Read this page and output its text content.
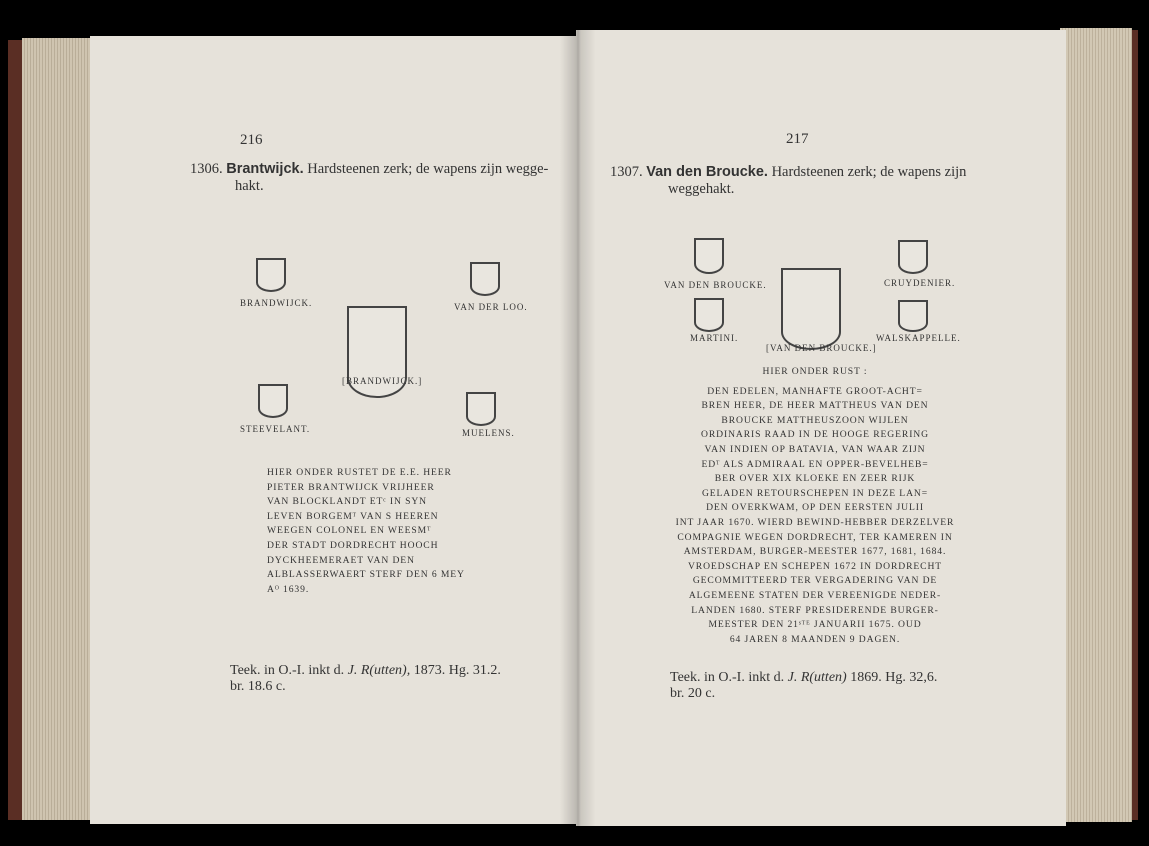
216
1306. Brantwijck. Hardsteenen zerk; de wapens zijn wegge-
hakt.
BRANDWIJCK.	VAN DER LOO.
[BRANDWIJCK.]
STEEVELANT.	MUELENS.
HIER ONDER RUSTET DE E.E. HEER
PIETER BRANTWIJCK VRIJHEER
VAN BLOCKLANDT ETᶜ IN SYN
LEVEN BORGEMᵀ VAN S HEEREN
WEEGEN COLONEL EN WEESMᵀ
DER STADT DORDRECHT HOOCH
DYCKHEEMERAET VAN DEN
ALBLASSERWAERT STERF DEN 6 MEY
Aᴼ 1639.
Teek. in O.-I. inkt d. J. R(utten), 1873. Hg. 31.2.
br. 18.6 c.
217
1307. Van den Broucke. Hardsteenen zerk; de wapens zijn
weggehakt.
VAN DEN BROUCKE.	CRUYDENIER.
[VAN DEN BROUCKE.]
MARTINI.	WALSKAPPELLE.
HIER ONDER RUST :
DEN EDELEN, MANHAFTE GROOT-ACHT=
BREN HEER, DE HEER MATTHEUS VAN DEN
BROUCKE MATTHEUSZOON WIJLEN
ORDINARIS RAAD IN DE HOOGE REGERING
VAN INDIEN OP BATAVIA, VAN WAAR ZIJN
EDᵀ ALS ADMIRAAL EN OPPER-BEVELHEB=
BER OVER XIX KLOEKE EN ZEER RIJK
GELADEN RETOURSCHEPEN IN DEZE LAN=
DEN OVERKWAM, OP DEN EERSTEN JULII
INT JAAR 1670. WIERD BEWIND-HEBBER DERZELVER
COMPAGNIE WEGEN DORDRECHT, TER KAMEREN IN
AMSTERDAM, BURGER-MEESTER 1677, 1681, 1684.
VROEDSCHAP EN SCHEPEN 1672 IN DORDRECHT
GECOMMITTEERD TER VERGADERING VAN DE
ALGEMEENE STATEN DER VEREENIGDE NEDER-
LANDEN 1680. STERF PRESIDERENDE BURGER-
MEESTER DEN 21ˢᵀᴱ JANUARII 1675. OUD
64 JAREN 8 MAANDEN 9 DAGEN.
Teek. in O.-I. inkt d. J. R(utten) 1869. Hg. 32,6.
br. 20 c.
